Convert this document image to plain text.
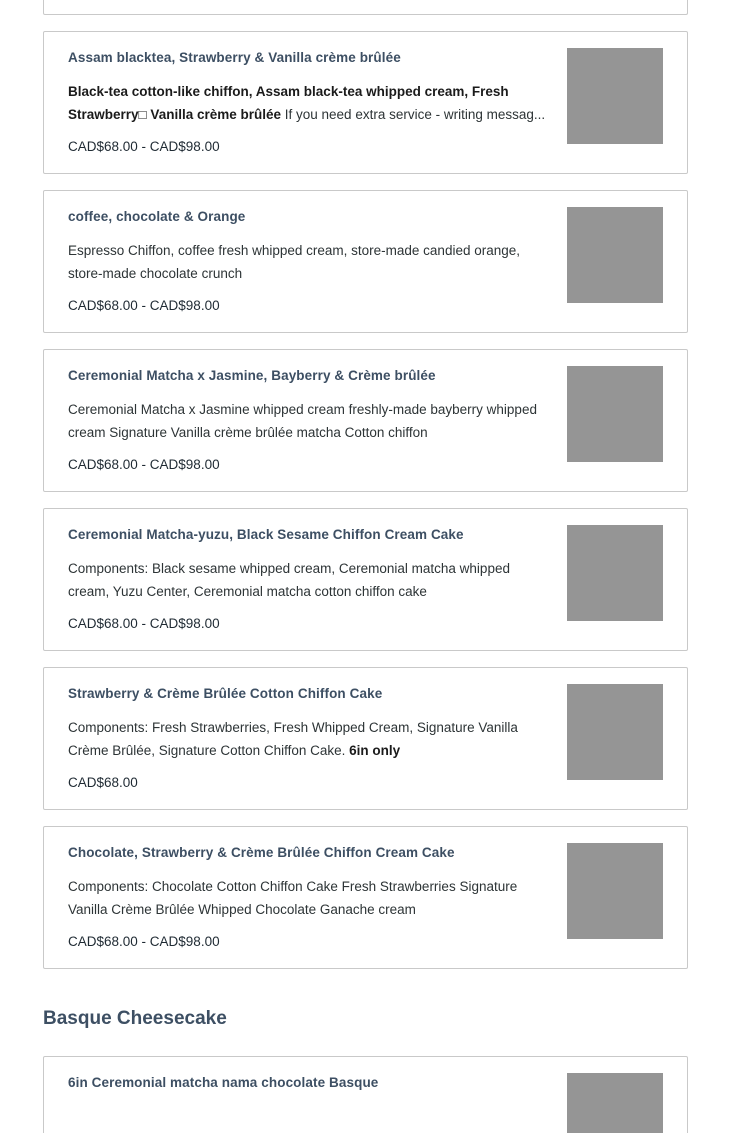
Assam blacktea, Strawberry & Vanilla crème brûlée
Black-tea cotton-like chiffon, Assam black-tea whipped cream, Fresh
Strawberry□ Vanilla crème brûlée If you need extra service - writing messag...
CAD$68.00 - CAD$98.00
coffee, chocolate & Orange
Espresso Chiffon, coffee fresh whipped cream, store-made candied orange, store-made chocolate crunch
CAD$68.00 - CAD$98.00
Ceremonial Matcha x Jasmine, Bayberry & Crème brûlée
Ceremonial Matcha x Jasmine whipped cream freshly-made bayberry whipped cream Signature Vanilla crème brûlée matcha Cotton chiffon
CAD$68.00 - CAD$98.00
Ceremonial Matcha-yuzu, Black Sesame Chiffon Cream Cake
Components: Black sesame whipped cream, Ceremonial matcha whipped cream, Yuzu Center, Ceremonial matcha cotton chiffon cake
CAD$68.00 - CAD$98.00
Strawberry & Crème Brûlée Cotton Chiffon Cake
Components: Fresh Strawberries, Fresh Whipped Cream, Signature Vanilla Crème Brûlée, Signature Cotton Chiffon Cake. 6in only
CAD$68.00
Chocolate, Strawberry & Crème Brûlée Chiffon Cream Cake
Components: Chocolate Cotton Chiffon Cake Fresh Strawberries Signature Vanilla Crème Brûlée Whipped Chocolate Ganache cream
CAD$68.00 - CAD$98.00
Basque Cheesecake
6in Ceremonial matcha nama chocolate Basque
